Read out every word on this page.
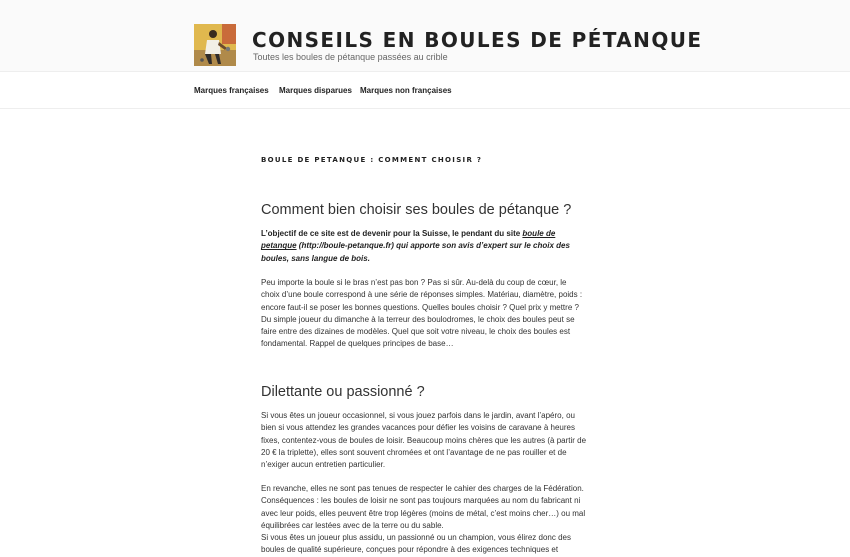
CONSEILS EN BOULES DE PÉTANQUE
Toutes les boules de pétanque passées au crible
Marques françaises Marques disparues Marques non françaises
BOULE DE PETANQUE : COMMENT CHOISIR ?
Comment bien choisir ses boules de pétanque ?

L’objectif de ce site est de devenir pour la Suisse, le pendant du site boule de petanque (http://boule-petanque.fr) qui apporte son avis d’expert sur le choix des boules, sans langue de bois.

Peu importe la boule si le bras n’est pas bon ? Pas si sûr. Au-delà du coup de cœur, le choix d’une boule correspond à une série de réponses simples. Matériau, diamètre, poids : encore faut-il se poser les bonnes questions. Quelles boules choisir ? Quel prix y mettre ? Du simple joueur du dimanche à la terreur des boulodromes, le choix des boules peut se faire entre des dizaines de modèles. Quel que soit votre niveau, le choix des boules est fondamental. Rappel de quelques principes de base…

Dilettante ou passionné ?

Si vous êtes un joueur occasionnel, si vous jouez parfois dans le jardin, avant l’apéro, ou bien si vous attendez les grandes vacances pour défier les voisins de caravane à heures fixes, contentez-vous de boules de loisir. Beaucoup moins chères que les autres (à partir de 20 € la triplette), elles sont souvent chromées et ont l’avantage de ne pas rouiller et de n’exiger aucun entretien particulier.

En revanche, elles ne sont pas tenues de respecter le cahier des charges de la Fédération. Conséquences : les boules de loisir ne sont pas toujours marquées au nom du fabricant ni avec leur poids, elles peuvent être trop légères (moins de métal, c’est moins cher…) ou mal équilibrées car lestées avec de la terre ou du sable.
Si vous êtes un joueur plus assidu, un passionné ou un champion, vous élirez donc des boules de qualité supérieure, conçues pour répondre à des exigences techniques et
